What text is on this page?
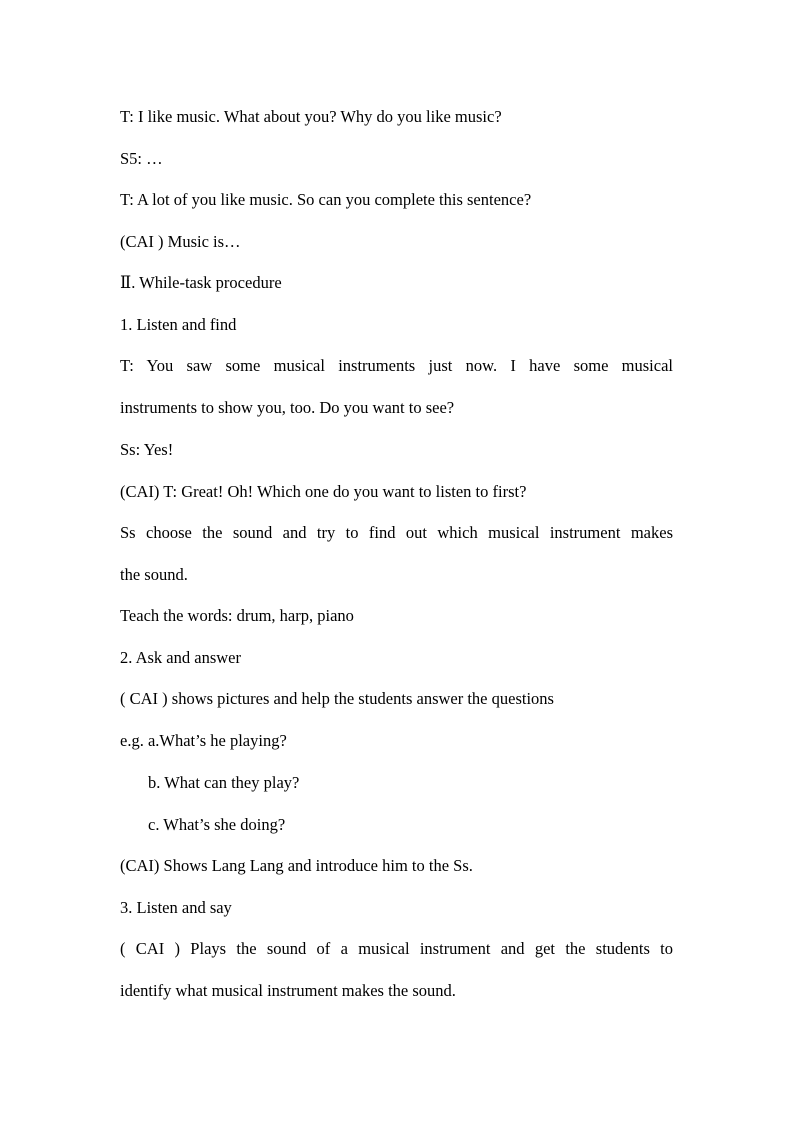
T: I like music. What about you? Why do you like music?
S5: …
T: A lot of you like music. So can you complete this sentence?
(CAI ) Music is…
Ⅱ. While-task procedure
1. Listen and find
T: You saw some musical instruments just now. I have some musical
instruments to show you, too. Do you want to see?
Ss: Yes!
(CAI) T: Great! Oh! Which one do you want to listen to first?
Ss choose the sound and try to find out which musical instrument makes
the sound.
Teach the words: drum, harp, piano
2. Ask and answer
( CAI ) shows pictures and help the students answer the questions
e.g. a.What’s he playing?
b. What can they play?
c. What’s she doing?
(CAI) Shows Lang Lang and introduce him to the Ss.
3. Listen and say
( CAI ) Plays the sound of a musical instrument and get the students to
identify what musical instrument makes the sound.
